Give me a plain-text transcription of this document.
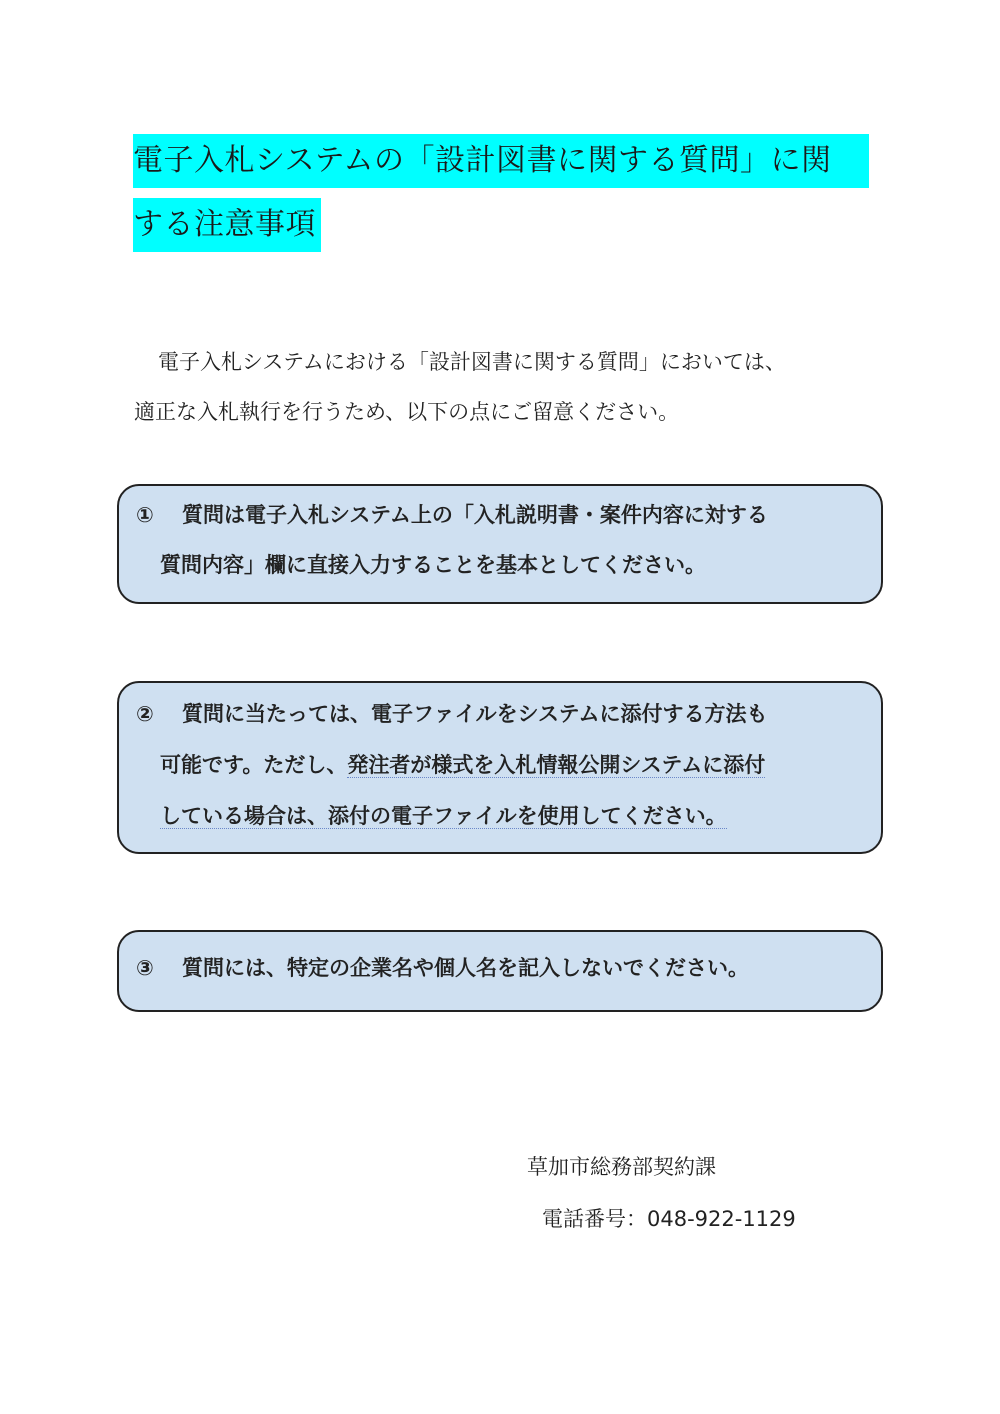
電子入札システムの「設計図書に関する質問」に関
する注意事項
電子入札システムにおける「設計図書に関する質問」においては、
適正な入札執行を行うため、以下の点にご留意ください。
① 質問は電子入札システム上の「入札説明書・案件内容に対する
質問内容」欄に直接入力することを基本としてください。
② 質問に当たっては、電子ファイルをシステムに添付する方法も
可能です。ただし、発注者が様式を入札情報公開システムに添付
している場合は、添付の電子ファイルを使用してください。
③ 質問には、特定の企業名や個人名を記入しないでください。
草加市総務部契約課
電話番号：048-922-1129
